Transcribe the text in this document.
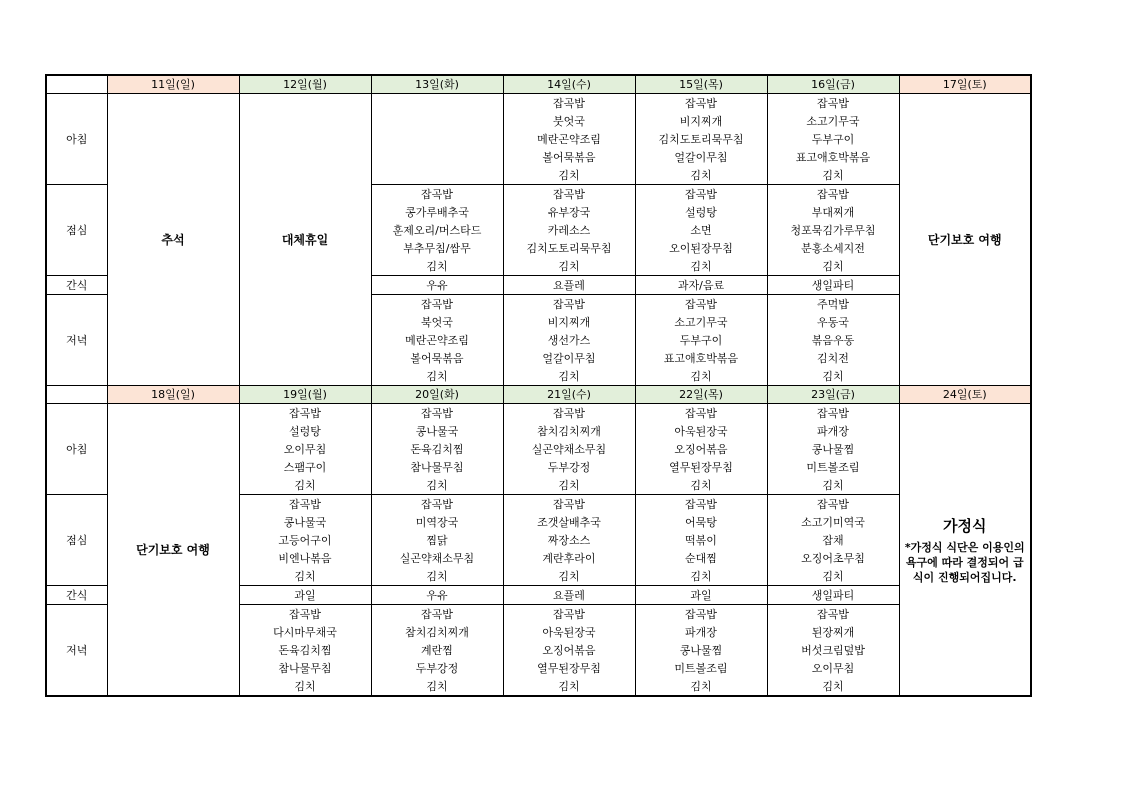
	11일(일)	12일(월)	13일(화)	14일(수)	15일(목)	16일(금)	17일(토)
아침	추석	대체휴일		잡곡밥	잡곡밥	잡곡밥	단기보호 여행
				붓엇국	비지찌개	소고기무국	
				메란곤약조림	김치도토리묵무침	두부구이	
				볼어묵볶음	얼갈이무침	표고애호박볶음	
				김치	김치	김치	
점심			잡곡밥	잡곡밥	잡곡밥	잡곡밥	
			콩가루배추국	유부장국	설렁탕	부대찌개	
			훈제오리/머스타드	카레소스	소면	청포묵김가루무침	
			부추무침/쌈무	김치도토리묵무침	오이된장무침	분홍소세지전	
			김치	김치	김치	김치	
간식			우유	요플레	과자/음료	생일파티	
저녁			잡곡밥	잡곡밥	잡곡밥	주먹밥	
			북엇국	비지찌개	소고기무국	우동국	
			메란곤약조림	생선가스	두부구이	볶음우동	
			볼어묵볶음	얼갈이무침	표고애호박볶음	김치전	
			김치	김치	김치	김치	
	18일(일)	19일(월)	20일(화)	21일(수)	22일(목)	23일(금)	24일(토)
아침	단기보호 여행	잡곡밥	잡곡밥	잡곡밥	잡곡밥	잡곡밥	가정식
*가정식 식단은 이용인의 욕구에 따라 결정되어 급식이 진행되어집니다.

		설렁탕	콩나물국	참치김치찌개	아욱된장국	파개장	
		오이무침	돈육김치찜	실곤약채소무침	오징어볶음	콩나물찜	
		스팸구이	참나물무침	두부강정	열무된장무침	미트볼조림	
		김치	김치	김치	김치	김치	
점심		잡곡밥	잡곡밥	잡곡밥	잡곡밥	잡곡밥	
		콩나물국	미역장국	조갯살배추국	어묵탕	소고기미역국	
		고등어구이	찜닭	짜장소스	떡볶이	잡채	
		비엔나볶음	실곤약채소무침	계란후라이	순대찜	오징어초무침	
		김치	김치	김치	김치	김치	
간식		과일	우유	요플레	과일	생일파티	
저녁		잡곡밥	잡곡밥	잡곡밥	잡곡밥	잡곡밥	
		다시마무채국	참치김치찌개	아욱된장국	파개장	된장찌개	
		돈육김치찜	계란찜	오징어볶음	콩나물찜	버섯크림덮밥	
		참나물무침	두부강정	열무된장무침	미트볼조림	오이무침	
		김치	김치	김치	김치	김치	
